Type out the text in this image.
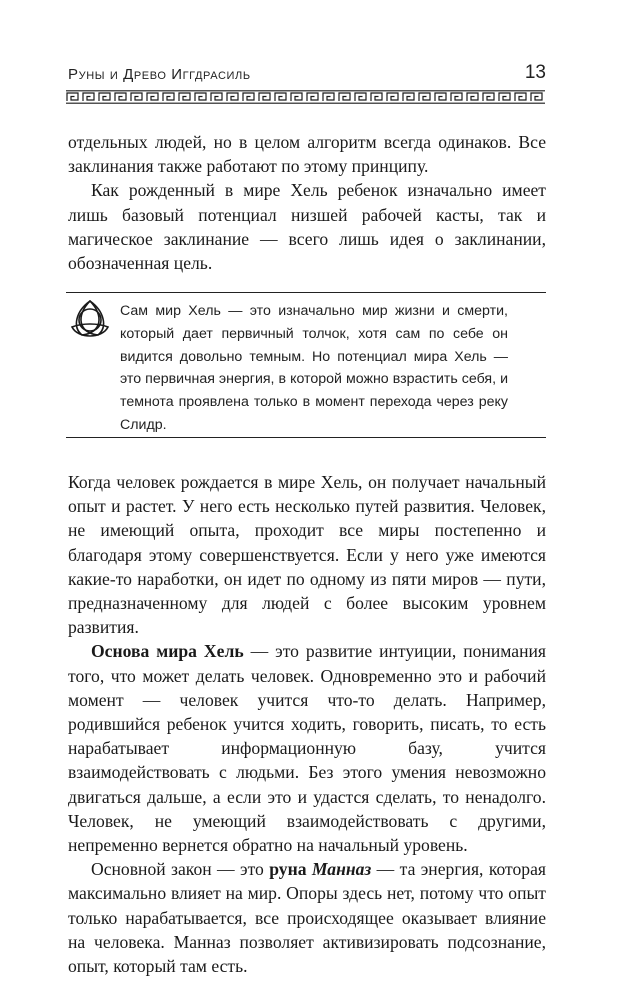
Руны и Древо Иггдрасиль	13

отдельных людей, но в целом алгоритм всегда одинаков. Все заклинания также работают по этому принципу.

Как рожденный в мире Хель ребенок изначально имеет лишь базовый потенциал низшей рабочей касты, так и магическое заклинание — всего лишь идея о заклинании, обозначенная цель.

Сам мир Хель — это изначально мир жизни и смерти, который дает первичный толчок, хотя сам по себе он видится довольно темным. Но потенциал мира Хель — это первичная энергия, в которой можно взрастить себя, и темнота проявлена только в момент перехода через реку Слидр.

Когда человек рождается в мире Хель, он получает начальный опыт и растет. У него есть несколько путей развития. Человек, не имеющий опыта, проходит все миры постепенно и благодаря этому совершенствуется. Если у него уже имеются какие-то наработки, он идет по одному из пяти миров — пути, предназначенному для людей с более высоким уровнем развития.

Основа мира Хель — это развитие интуиции, понимания того, что может делать человек. Одновременно это и рабочий момент — человек учится что-то делать. Например, родившийся ребенок учится ходить, говорить, писать, то есть нарабатывает информационную базу, учится взаимодействовать с людьми. Без этого умения невозможно двигаться дальше, а если это и удастся сделать, то ненадолго. Человек, не умеющий взаимодействовать с другими, непременно вернется обратно на начальный уровень.

Основной закон — это руна Манназ — та энергия, которая максимально влияет на мир. Опоры здесь нет, потому что опыт только нарабатывается, все происходящее оказывает влияние на человека. Манназ позволяет активизировать подсознание, опыт, который там есть.
